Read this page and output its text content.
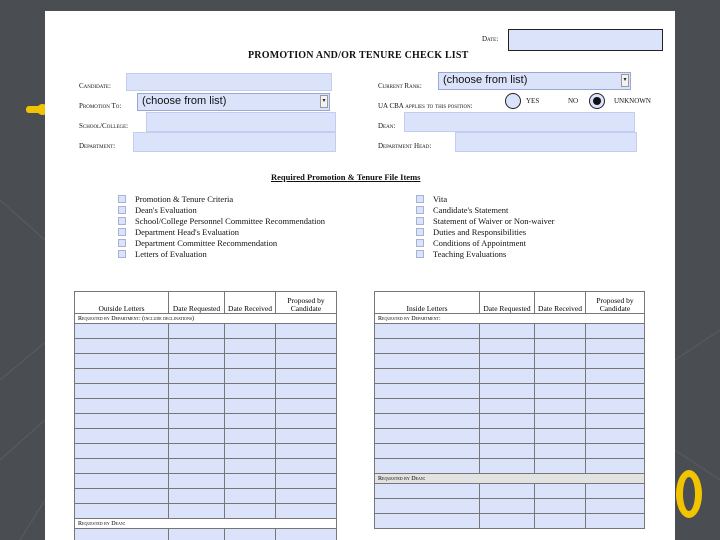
PROMOTION AND/OR TENURE CHECK LIST
Date:
Candidate:	Current Rank:	(choose from list)	▾
Promotion To:	(choose from list)	▾
UA CBA applies to this position:
YES	NO	UNKNOWN
School/College:	Dean:
Department:	Department Head:
Required Promotion & Tenure File Items
Promotion & Tenure Criteria
Dean's Evaluation
School/College Personnel Committee Recommendation
Department Head's Evaluation
Department Committee Recommendation
Letters of Evaluation
Vita
Candidate's Statement
Statement of Waiver or Non-waiver
Duties and Responsibilities
Conditions of Appointment
Teaching Evaluations
Outside Letters	Date Requested	Date Received	Proposed by Candidate
Requested by Department: (include declinations)			

Requested by Dean:			

Inside Letters	Date Requested	Date Received	Proposed by Candidate
Requested by Department:			

Requested by Dean:			
